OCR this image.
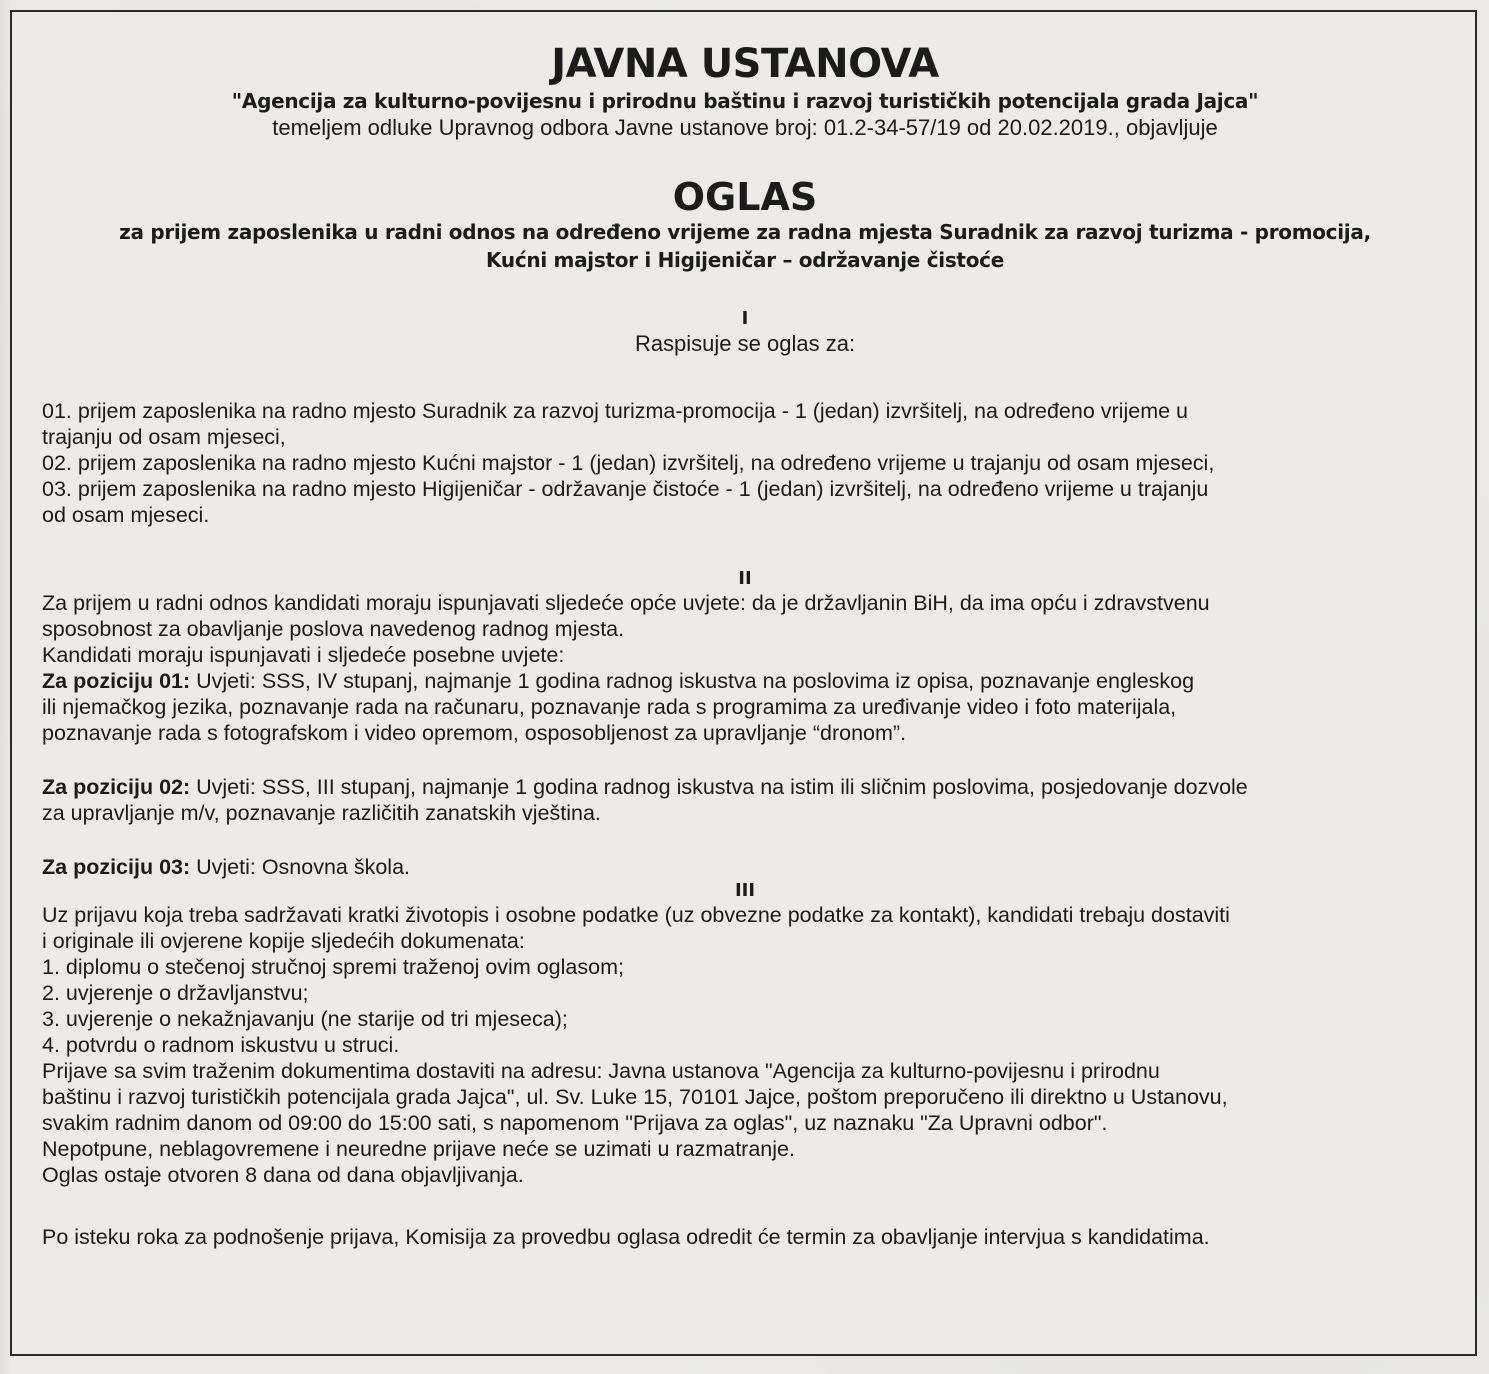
JAVNA USTANOVA
"Agencija za kulturno-povijesnu i prirodnu baštinu i razvoj turističkih potencijala grada Jajca"
temeljem odluke Upravnog odbora Javne ustanove broj: 01.2-34-57/19 od 20.02.2019., objavljuje
OGLAS
za prijem zaposlenika u radni odnos na određeno vrijeme za radna mjesta Suradnik za razvoj turizma - promocija,
Kućni majstor i Higijeničar – održavanje čistoće
I
Raspisuje se oglas za:

01. prijem zaposlenika na radno mjesto Suradnik za razvoj turizma-promocija - 1 (jedan) izvršitelj, na određeno vrijeme u

trajanju od osam mjeseci,

02. prijem zaposlenika na radno mjesto Kućni majstor - 1 (jedan) izvršitelj, na određeno vrijeme u trajanju od osam mjeseci,

03. prijem zaposlenika na radno mjesto Higijeničar - održavanje čistoće - 1 (jedan) izvršitelj, na određeno vrijeme u trajanju

od osam mjeseci.

II

Za prijem u radni odnos kandidati moraju ispunjavati sljedeće opće uvjete: da je državljanin BiH, da ima opću i zdravstvenu

sposobnost za obavljanje poslova navedenog radnog mjesta.

Kandidati moraju ispunjavati i sljedeće posebne uvjete:

Za poziciju 01: Uvjeti: SSS, IV stupanj, najmanje 1 godina radnog iskustva na poslovima iz opisa, poznavanje engleskog

ili njemačkog jezika, poznavanje rada na računaru, poznavanje rada s programima za uređivanje video i foto materijala,

poznavanje rada s fotografskom i video opremom, osposobljenost za upravljanje “dronom”.

Za poziciju 02: Uvjeti: SSS, III stupanj, najmanje 1 godina radnog iskustva na istim ili sličnim poslovima, posjedovanje dozvole

za upravljanje m/v, poznavanje različitih zanatskih vještina.

Za poziciju 03: Uvjeti: Osnovna škola.

III

Uz prijavu koja treba sadržavati kratki životopis i osobne podatke (uz obvezne podatke za kontakt), kandidati trebaju dostaviti

i originale ili ovjerene kopije sljedećih dokumenata:

1. diplomu o stečenoj stručnoj spremi traženoj ovim oglasom;

2. uvjerenje o državljanstvu;

3. uvjerenje o nekažnjavanju (ne starije od tri mjeseca);

4. potvrdu o radnom iskustvu u struci.

Prijave sa svim traženim dokumentima dostaviti na adresu: Javna ustanova "Agencija za kulturno-povijesnu i prirodnu

baštinu i razvoj turističkih potencijala grada Jajca", ul. Sv. Luke 15, 70101 Jajce, poštom preporučeno ili direktno u Ustanovu,

svakim radnim danom od 09:00 do 15:00 sati, s napomenom "Prijava za oglas", uz naznaku "Za Upravni odbor".

Nepotpune, neblagovremene i neuredne prijave neće se uzimati u razmatranje.

Oglas ostaje otvoren 8 dana od dana objavljivanja.

Po isteku roka za podnošenje prijava, Komisija za provedbu oglasa odredit će termin za obavljanje intervjua s kandidatima.
